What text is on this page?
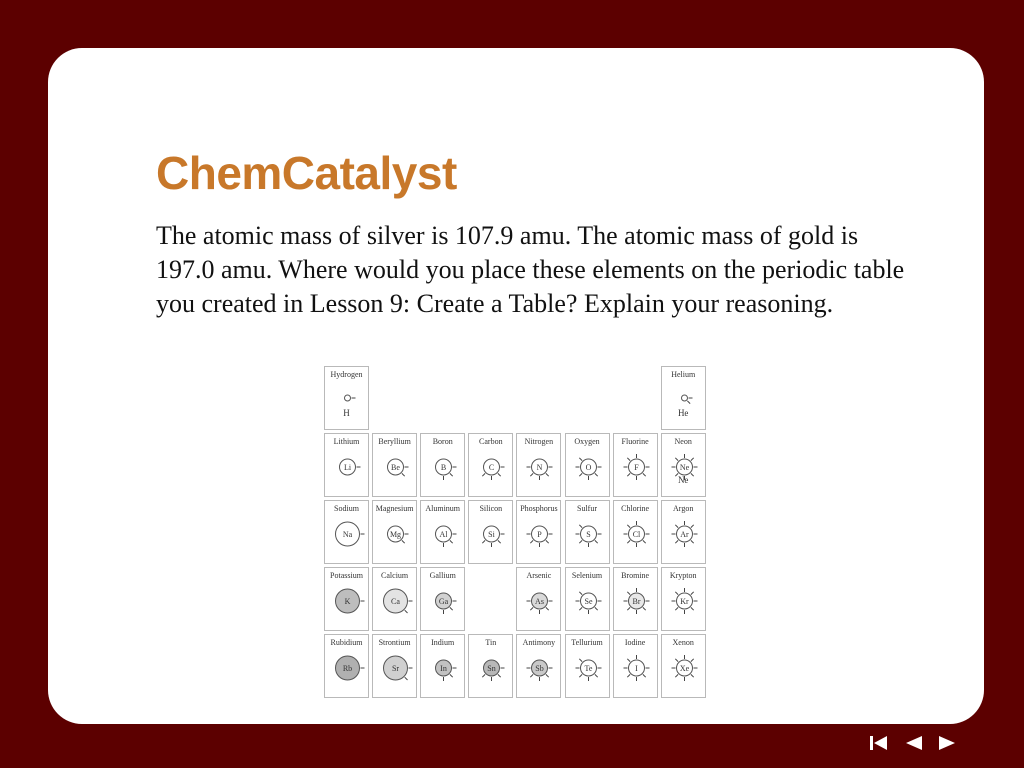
ChemCatalyst

The atomic mass of silver is 107.9 amu. The atomic mass of gold is 197.0 amu. Where would you place these elements on the periodic table you created in Lesson 9: Create a Table? Explain your reasoning.

Hydrogen
H
Helium
He
Lithium
Li
Beryllium
Be
Boron
B
Carbon
C
Nitrogen
N
Oxygen
O
Fluorine
F
Neon
Ne
Ne
Sodium
Na
Magnesium
Mg
Aluminum
Al
Silicon
Si
Phosphorus
P
Sulfur
S
Chlorine
Cl
Argon
Ar
Potassium
K
Calcium
Ca
Gallium
Ga
Arsenic
As
Selenium
Se
Bromine
Br
Krypton
Kr
Rubidium
Rb
Strontium
Sr
Indium
In
Tin
Sn
Antimony
Sb
Tellurium
Te
Iodine
I
Xenon
Xe
